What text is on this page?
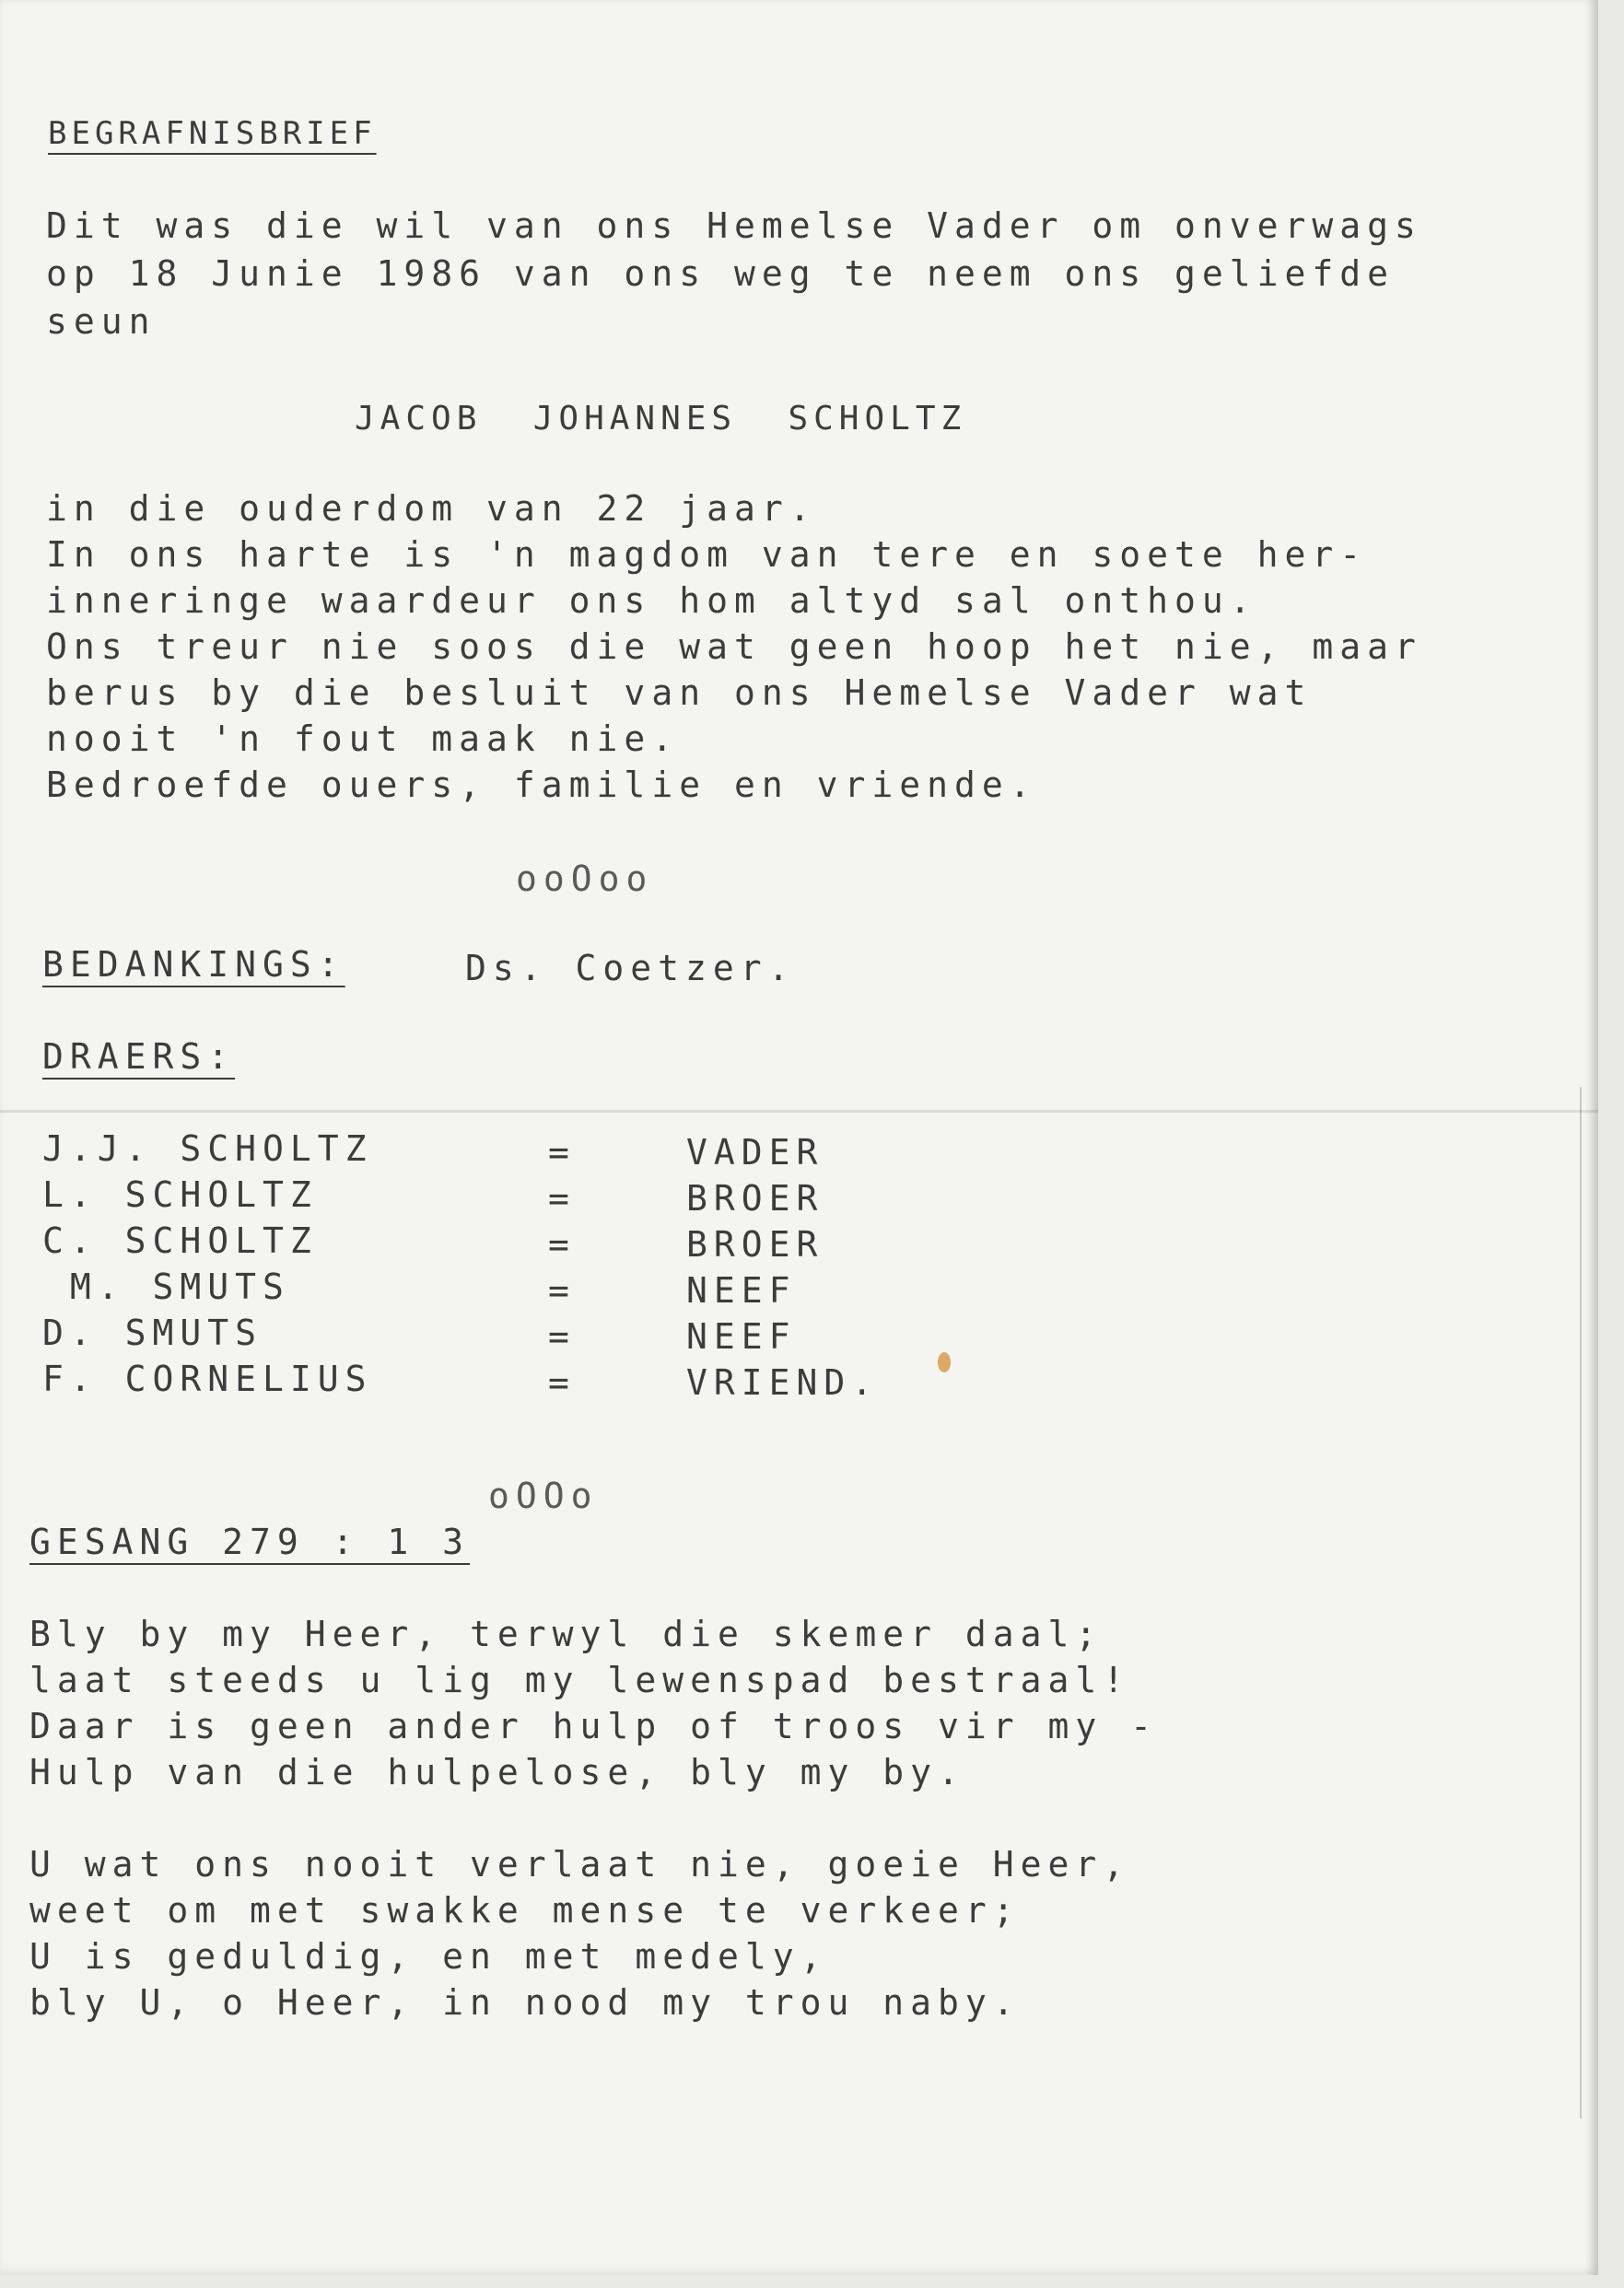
BEGRAFNISBRIEF
Dit was die wil van ons Hemelse Vader om onverwags
op 18 Junie 1986 van ons weg te neem ons geliefde
seun
JACOB  JOHANNES  SCHOLTZ
in die ouderdom van 22 jaar.
In ons harte is 'n magdom van tere en soete her-
inneringe waardeur ons hom altyd sal onthou.
Ons treur nie soos die wat geen hoop het nie, maar
berus by die besluit van ons Hemelse Vader wat
nooit 'n fout maak nie.
Bedroefde ouers, familie en vriende.
ooOoo
BEDANKINGS:	Ds. Coetzer.
DRAERS:
J.J. SCHOLTZ	=	VADER
L. SCHOLTZ	=	BROER
C. SCHOLTZ	=	BROER
M. SMUTS	=	NEEF
D. SMUTS	=	NEEF
F. CORNELIUS	=	VRIEND.
oOOo
GESANG 279 : 1 3
Bly by my Heer, terwyl die skemer daal;
laat steeds u lig my lewenspad bestraal!
Daar is geen ander hulp of troos vir my -
Hulp van die hulpelose, bly my by.
U wat ons nooit verlaat nie, goeie Heer,
weet om met swakke mense te verkeer;
U is geduldig, en met medely,
bly U, o Heer, in nood my trou naby.
